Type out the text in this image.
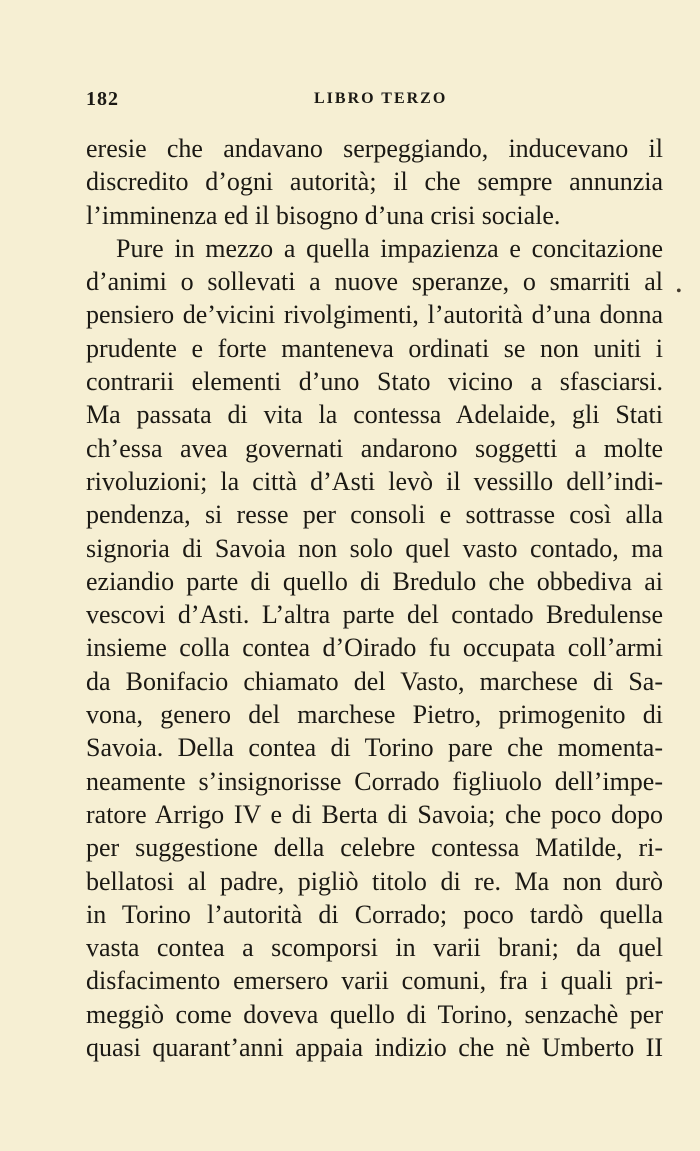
182	LIBRO TERZO
eresie che andavano serpeggiando, inducevano il
discredito d’ogni autorità; il che sempre annunzia
l’imminenza ed il bisogno d’una crisi sociale.
Pure in mezzo a quella impazienza e concitazione
d’animi o sollevati a nuove speranze, o smarriti al
pensiero de’vicini rivolgimenti, l’autorità d’una donna
prudente e forte manteneva ordinati se non uniti i
contrarii elementi d’uno Stato vicino a sfasciarsi.
Ma passata di vita la contessa Adelaide, gli Stati
ch’essa avea governati andarono soggetti a molte
rivoluzioni; la città d’Asti levò il vessillo dell’indi-
pendenza, si resse per consoli e sottrasse così alla
signoria di Savoia non solo quel vasto contado, ma
eziandio parte di quello di Bredulo che obbediva ai
vescovi d’Asti. L’altra parte del contado Bredulense
insieme colla contea d’Oirado fu occupata coll’armi
da Bonifacio chiamato del Vasto, marchese di Sa-
vona, genero del marchese Pietro, primogenito di
Savoia. Della contea di Torino pare che momenta-
neamente s’insignorisse Corrado figliuolo dell’impe-
ratore Arrigo IV e di Berta di Savoia; che poco dopo
per suggestione della celebre contessa Matilde, ri-
bellatosi al padre, pigliò titolo di re. Ma non durò
in Torino l’autorità di Corrado; poco tardò quella
vasta contea a scomporsi in varii brani; da quel
disfacimento emersero varii comuni, fra i quali pri-
meggiò come doveva quello di Torino, senzachè per
quasi quarant’anni appaia indizio che nè Umberto II
•
